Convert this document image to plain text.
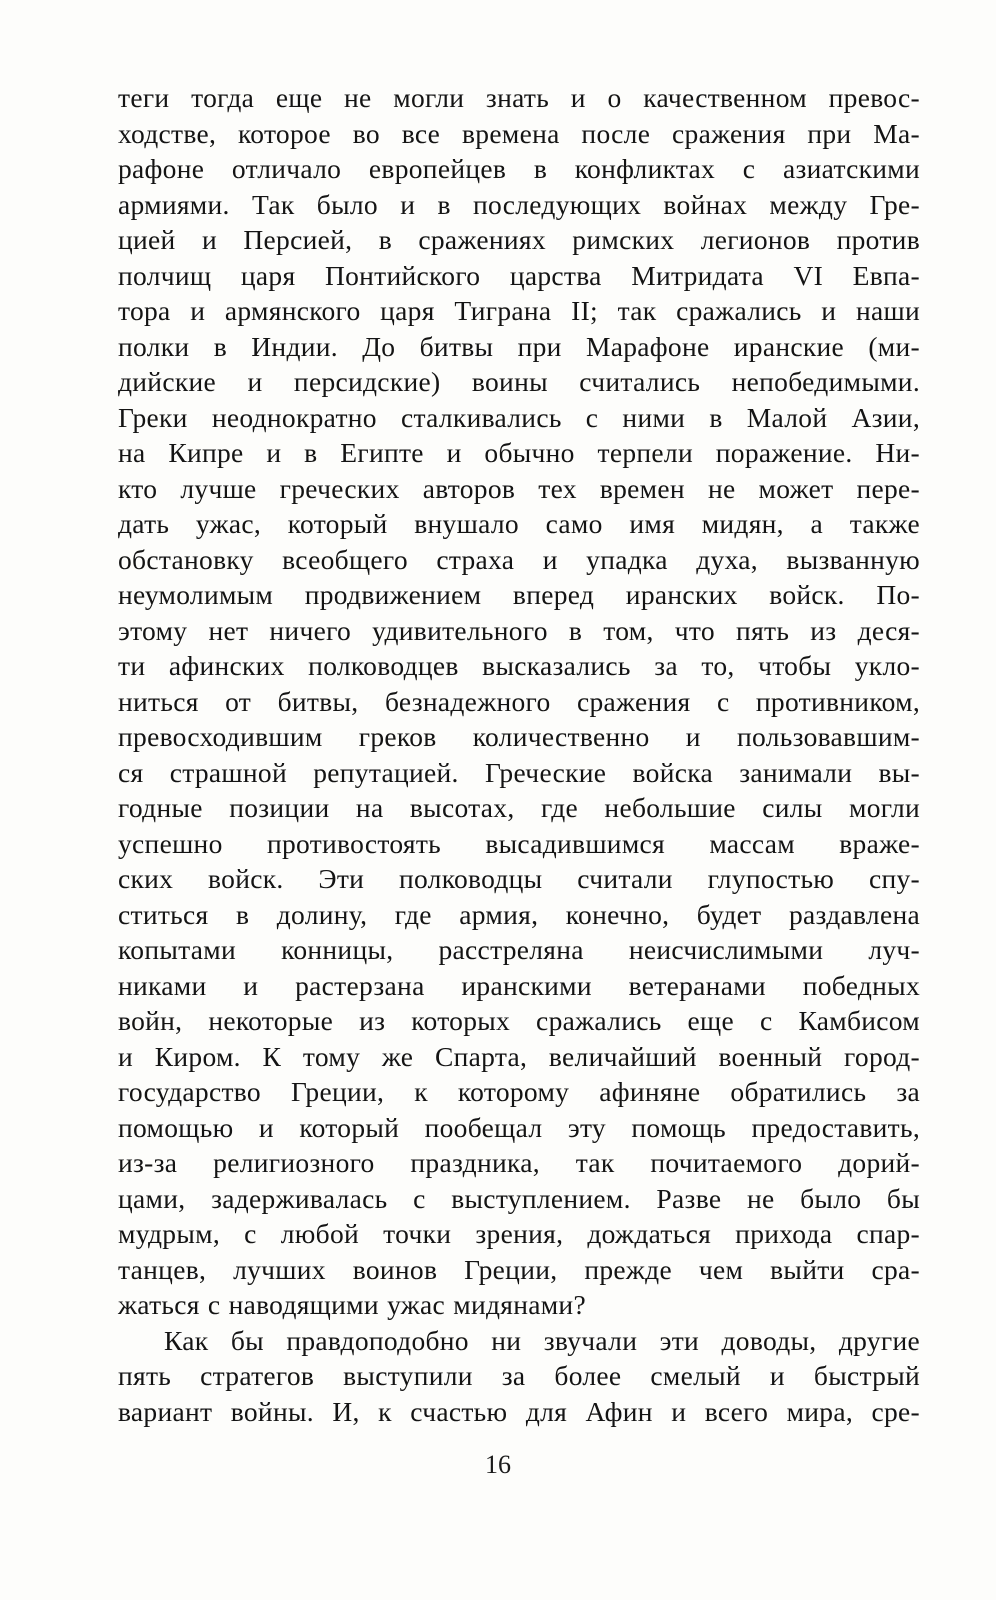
теги тогда еще не могли знать и о качественном превос-
ходстве, которое во все времена после сражения при Ма-
рафоне отличало европейцев в конфликтах с азиатскими
армиями. Так было и в последующих войнах между Гре-
цией и Персией, в сражениях римских легионов против
полчищ царя Понтийского царства Митридата VI Евпа-
тора и армянского царя Тиграна II; так сражались и наши
полки в Индии. До битвы при Марафоне иранские (ми-
дийские и персидские) воины считались непобедимыми.
Греки неоднократно сталкивались с ними в Малой Азии,
на Кипре и в Египте и обычно терпели поражение. Ни-
кто лучше греческих авторов тех времен не может пере-
дать ужас, который внушало само имя мидян, а также
обстановку всеобщего страха и упадка духа, вызванную
неумолимым продвижением вперед иранских войск. По-
этому нет ничего удивительного в том, что пять из деся-
ти афинских полководцев высказались за то, чтобы укло-
ниться от битвы, безнадежного сражения с противником,
превосходившим греков количественно и пользовавшим-
ся страшной репутацией. Греческие войска занимали вы-
годные позиции на высотах, где небольшие силы могли
успешно противостоять высадившимся массам враже-
ских войск. Эти полководцы считали глупостью спу-
ститься в долину, где армия, конечно, будет раздавлена
копытами конницы, расстреляна неисчислимыми луч-
никами и растерзана иранскими ветеранами победных
войн, некоторые из которых сражались еще с Камбисом
и Киром. К тому же Спарта, величайший военный город-
государство Греции, к которому афиняне обратились за
помощью и который пообещал эту помощь предоставить,
из-за религиозного праздника, так почитаемого дорий-
цами, задерживалась с выступлением. Разве не было бы
мудрым, с любой точки зрения, дождаться прихода спар-
танцев, лучших воинов Греции, прежде чем выйти сра-
жаться с наводящими ужас мидянами?
Как бы правдоподобно ни звучали эти доводы, другие
пять стратегов выступили за более смелый и быстрый
вариант войны. И, к счастью для Афин и всего мира, сре-
16
